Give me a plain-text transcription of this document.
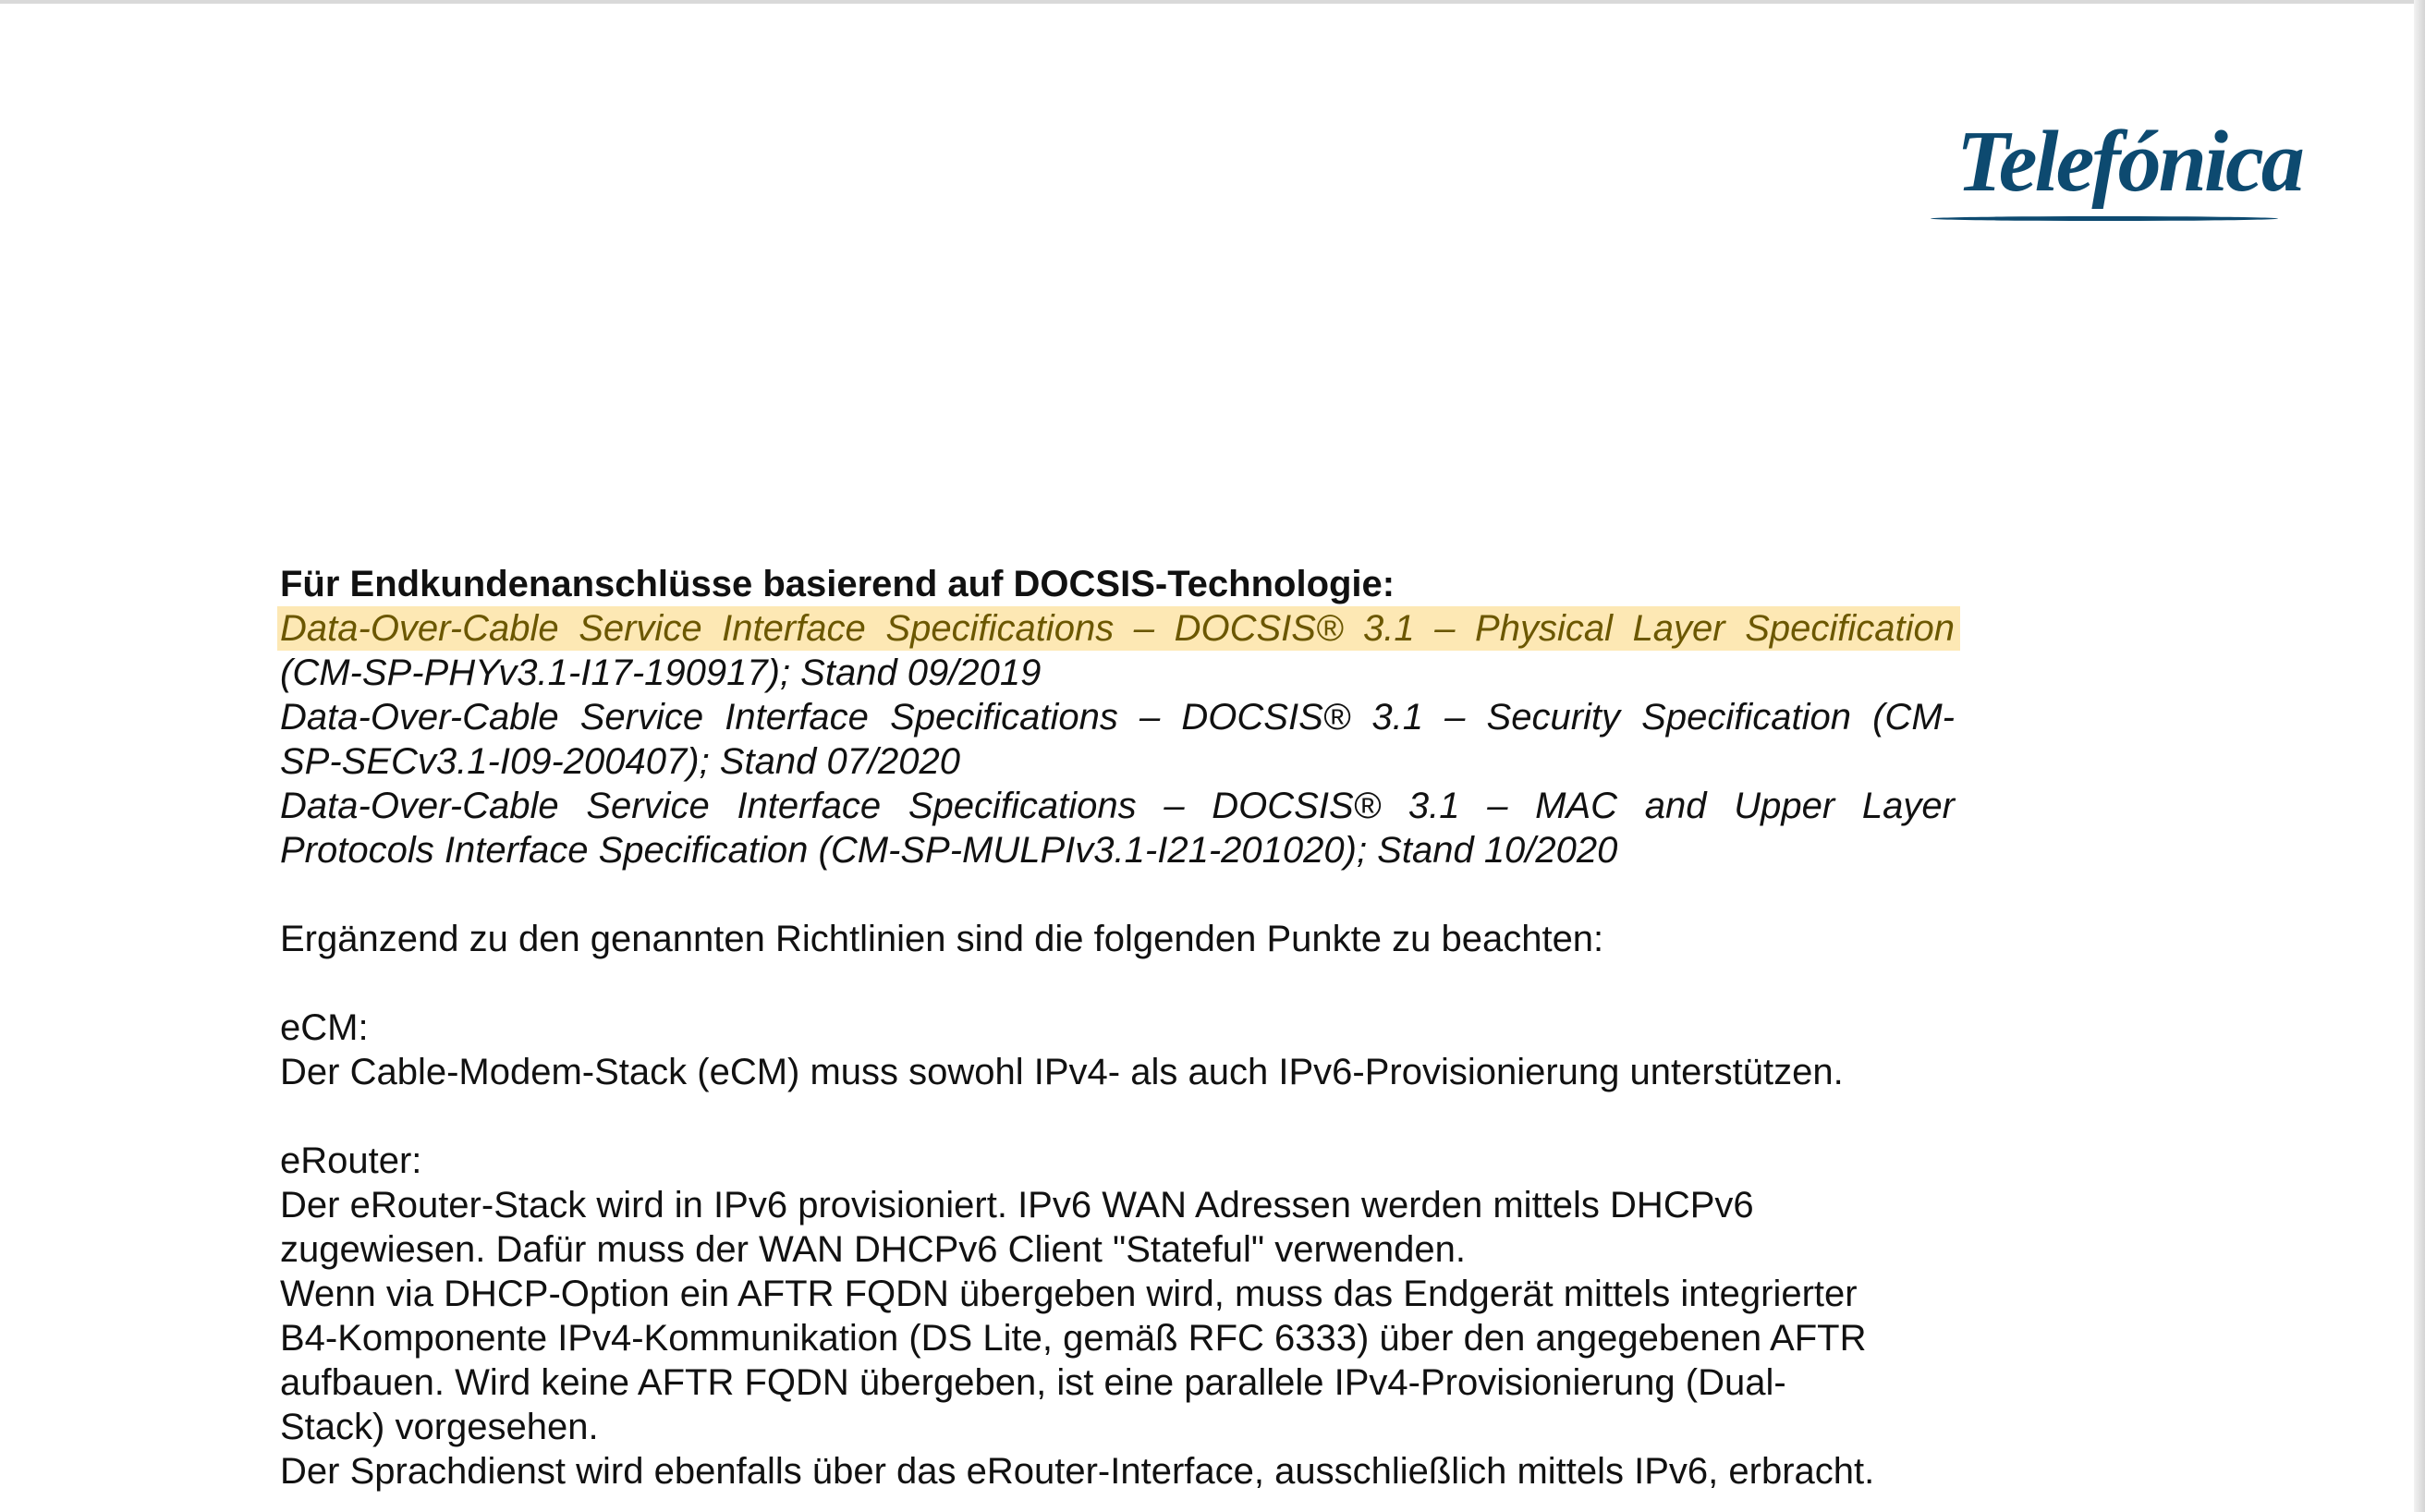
Telefónica
Für Endkundenanschlüsse basierend auf DOCSIS-Technologie:
Data-Over-Cable Service Interface Specifications – DOCSIS® 3.1 – Physical Layer Specification
(CM-SP-PHYv3.1-I17-190917); Stand 09/2019
Data-Over-Cable Service Interface Specifications – DOCSIS® 3.1 – Security Specification (CM-
SP-SECv3.1-I09-200407); Stand 07/2020
Data-Over-Cable Service Interface Specifications – DOCSIS® 3.1 – MAC and Upper Layer
Protocols Interface Specification (CM-SP-MULPIv3.1-I21-201020); Stand 10/2020
Ergänzend zu den genannten Richtlinien sind die folgenden Punkte zu beachten:
eCM:
Der Cable-Modem-Stack (eCM) muss sowohl IPv4- als auch IPv6-Provisionierung unterstützen.
eRouter:
Der eRouter-Stack wird in IPv6 provisioniert. IPv6 WAN Adressen werden mittels DHCPv6
zugewiesen. Dafür muss der WAN DHCPv6 Client "Stateful" verwenden.
Wenn via DHCP-Option ein AFTR FQDN übergeben wird, muss das Endgerät mittels integrierter
B4-Komponente IPv4-Kommunikation (DS Lite, gemäß RFC 6333) über den angegebenen AFTR
aufbauen. Wird keine AFTR FQDN übergeben, ist eine parallele IPv4-Provisionierung (Dual-
Stack) vorgesehen.
Der Sprachdienst wird ebenfalls über das eRouter-Interface, ausschließlich mittels IPv6, erbracht.
